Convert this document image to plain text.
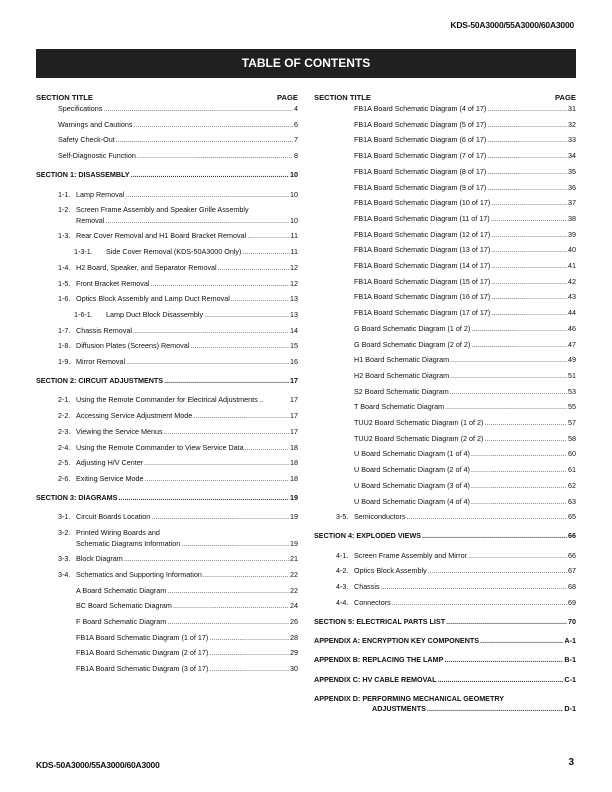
KDS-50A3000/55A3000/60A3000
TABLE OF CONTENTS
SECTION TITLE	PAGE
Specifications .....	4
Warnings and Cautions .....	6
Safety Check-Out .....	7
Self-Diagnostic Function .....	8
SECTION 1: DISASSEMBLY .....	10
1-1. Lamp Removal .....	10
1-2. Screen Frame Assembly and Speaker Grille Assembly
Removal .....	10
1-3. Rear Cover Removal and H1 Board Bracket Removal .....	11
1-3-1.	Side Cover Removal (KDS-50A3000 Only) .....	11
1-4. H2 Board, Speaker, and Separator Removal .....	12
1-5. Front Bracket Removal .....	12
1-6. Optics Block Assembly and Lamp Duct Removal .....	13
1-6-1.	Lamp Duct Block Disassembly .....	13
1-7. Chassis Removal .....	14
1-8. Diffusion Plates (Screens) Removal .....	15
1-9. Mirror Removal .....	16
SECTION 2: CIRCUIT ADJUSTMENTS .....	17
2-1. Using the Remote Commander for Electrical Adjustments ..	17
2-2. Accessing Service Adjustment Mode .....	17
2-3. Viewing the Service Menus .....	17
2-4. Using the Remote Commander to View Service Data .....	18
2-5. Adjusting H/V Center .....	18
2-6. Exiting Service Mode .....	18
SECTION 3: DIAGRAMS .....	19
3-1. Circuit Boards Location .....	19
3-2. Printed Wiring Boards and
Schematic Diagrams Information .....	19
3-3. Block Diagram .....	21
3-4. Schematics and Supporting Information .....	22
A Board Schematic Diagram .....	22
BC Board Schematic Diagram .....	24
F Board Schematic Diagram .....	26
FB1A Board Schematic Diagram (1 of 17) .....	28
FB1A Board Schematic Diagram (2 of 17) .....	29
FB1A Board Schematic Diagram (3 of 17) .....	30
SECTION TITLE	PAGE
FB1A Board Schematic Diagram (4 of 17) .....	31
FB1A Board Schematic Diagram (5 of 17) .....	32
FB1A Board Schematic Diagram (6 of 17) .....	33
FB1A Board Schematic Diagram (7 of 17) .....	34
FB1A Board Schematic Diagram (8 of 17) .....	35
FB1A Board Schematic Diagram (9 of 17) .....	36
FB1A Board Schematic Diagram (10 of 17) .....	37
FB1A Board Schematic Diagram (11 of 17) .....	38
FB1A Board Schematic Diagram (12 of 17) .....	39
FB1A Board Schematic Diagram (13 of 17) .....	40
FB1A Board Schematic Diagram (14 of 17) .....	41
FB1A Board Schematic Diagram (15 of 17) .....	42
FB1A Board Schematic Diagram (16 of 17) .....	43
FB1A Board Schematic Diagram (17 of 17) .....	44
G Board Schematic Diagram (1 of 2) .....	46
G Board Schematic Diagram (2 of 2) .....	47
H1 Board Schematic Diagram .....	49
H2 Board Schematic Diagram .....	51
S2 Board Schematic Diagram .....	53
T Board Schematic Diagram .....	55
TUU2 Board Schematic Diagram (1 of 2) .....	57
TUU2 Board Schematic Diagram (2 of 2) .....	58
U Board Schematic Diagram (1 of 4) .....	60
U Board Schematic Diagram (2 of 4) .....	61
U Board Schematic Diagram (3 of 4) .....	62
U Board Schematic Diagram (4 of 4) .....	63
3-5. Semiconductors .....	65
SECTION 4: EXPLODED VIEWS .....	66
4-1. Screen Frame Assembly and Mirror .....	66
4-2. Optics Block Assembly .....	67
4-3. Chassis .....	68
4-4. Connectors .....	69
SECTION 5: ELECTRICAL PARTS LIST .....	70
APPENDIX A: ENCRYPTION KEY COMPONENTS .....	A-1
APPENDIX B: REPLACING THE LAMP .....	B-1
APPENDIX C: HV CABLE REMOVAL .....	C-1
APPENDIX D: PERFORMING MECHANICAL GEOMETRY
ADJUSTMENTS .....	D-1
KDS-50A3000/55A3000/60A3000	3
